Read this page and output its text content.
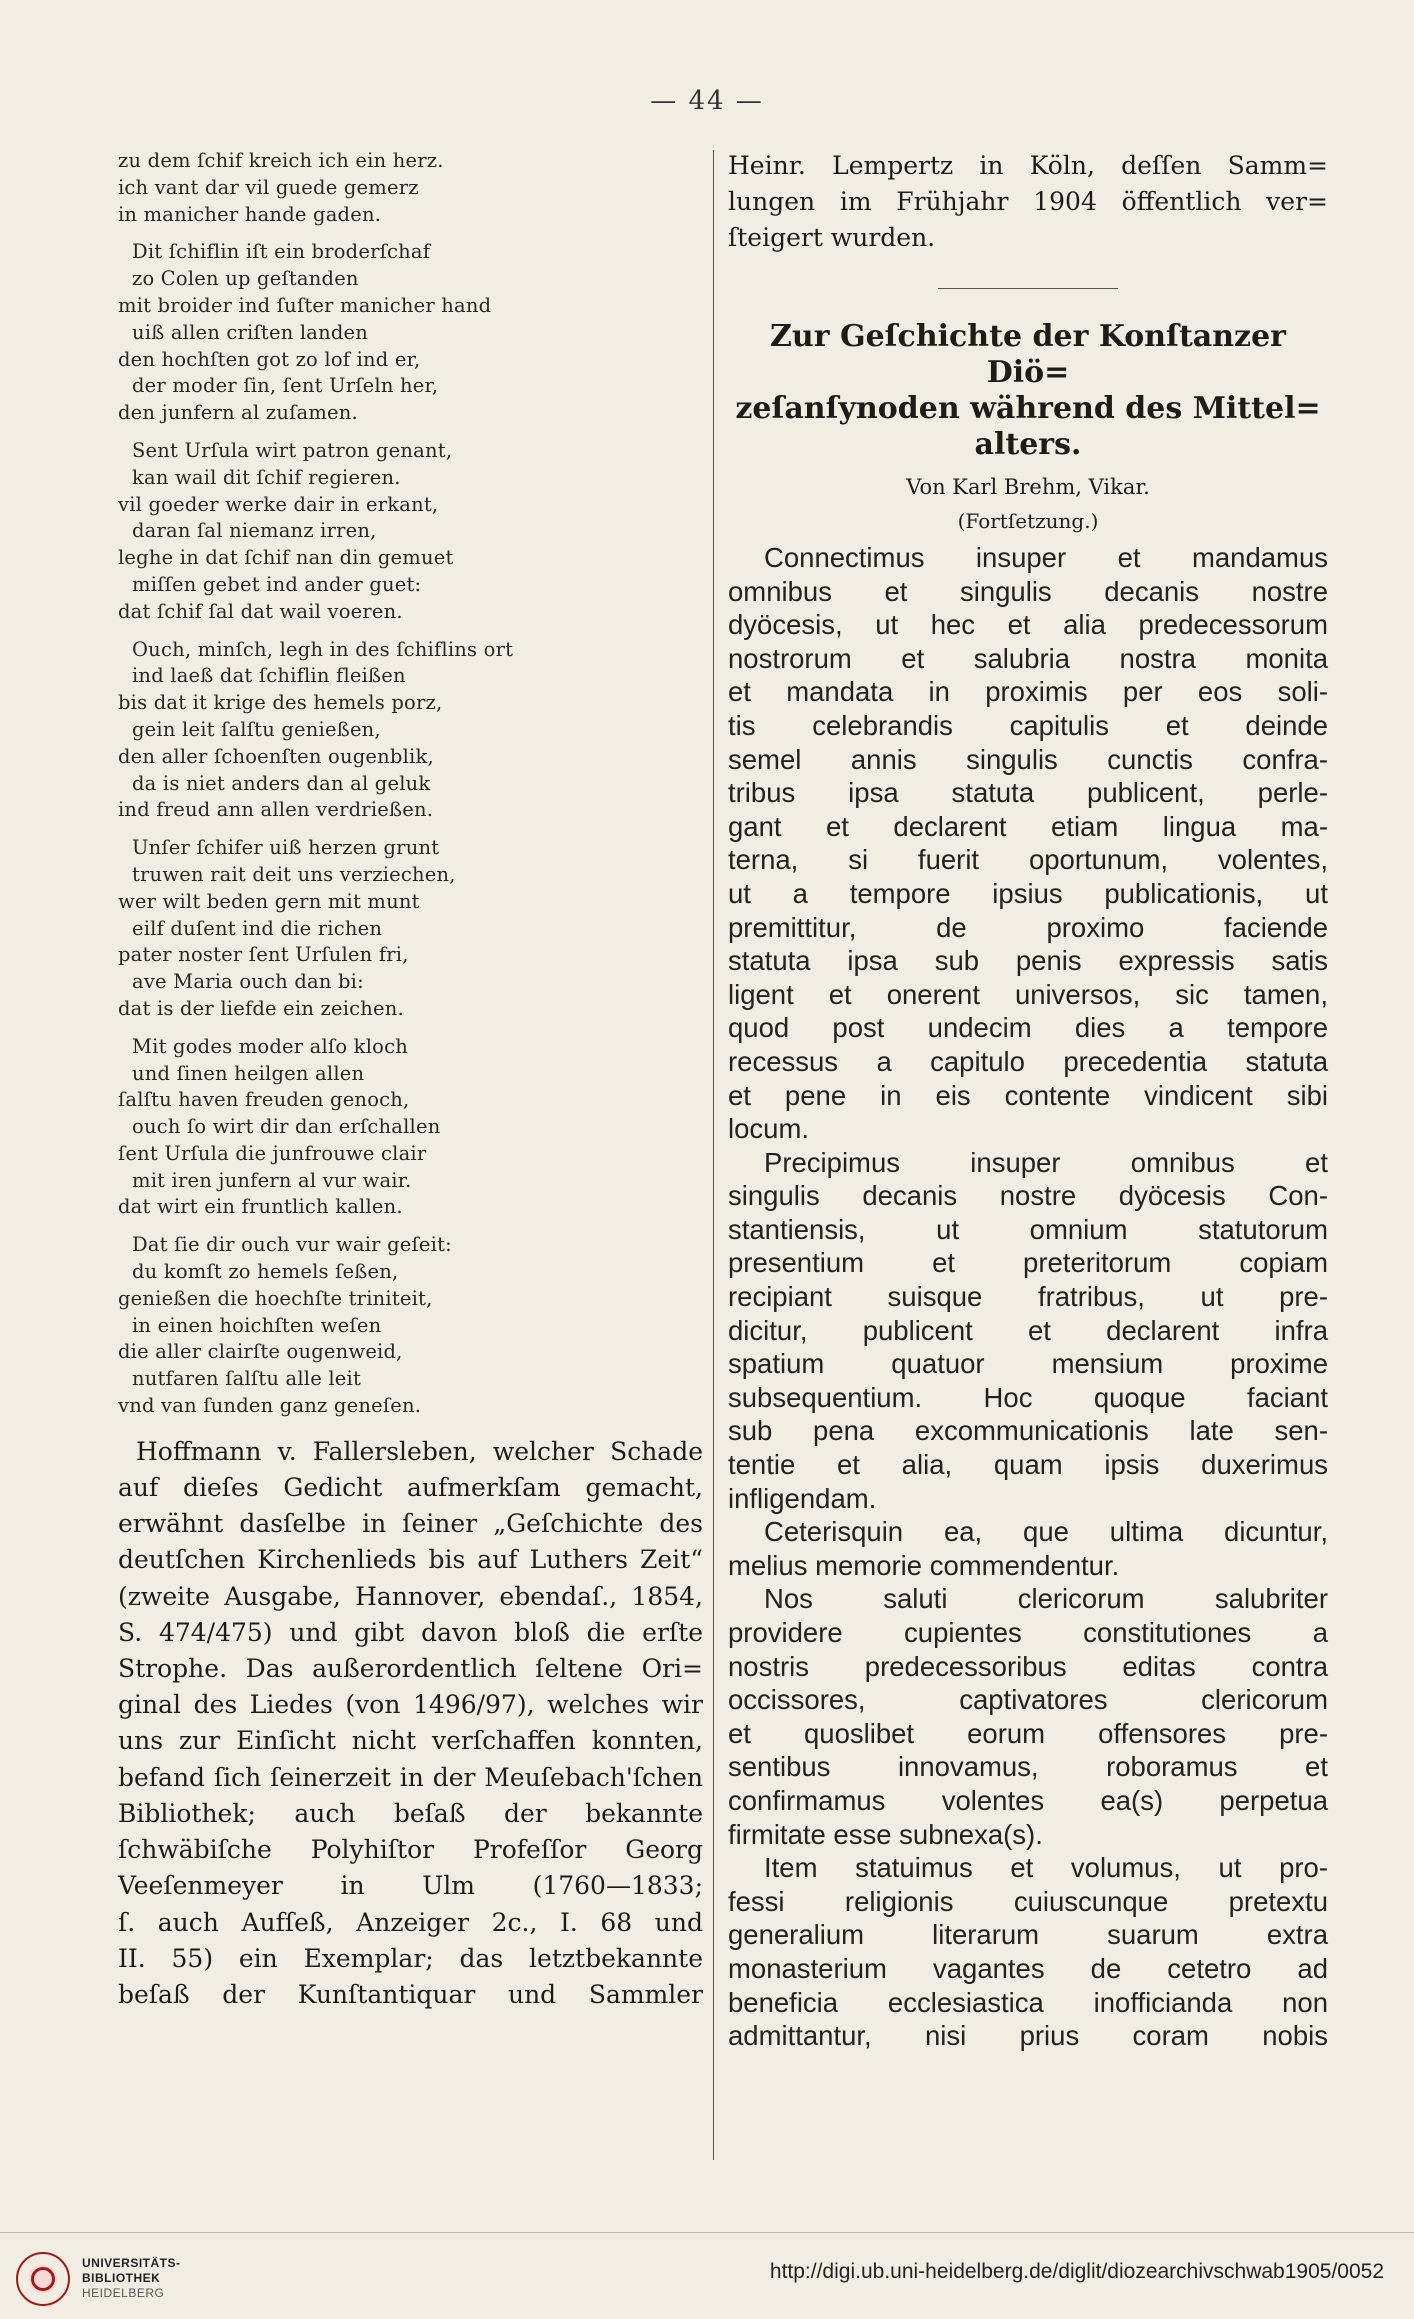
— 44 —
zu dem ſchif kreich ich ein herz.
ich vant dar vil guede gemerz
in manicher hande gaden.
Dit ſchiflin iſt ein broderſchaf
zo Colen up geſtanden
mit broider ind ſuſter manicher hand
uiß allen criſten landen
den hochſten got zo lof ind er,
der moder ſin, ſent Urſeln her,
den junfern al zuſamen.
Sent Urſula wirt patron genant,
kan wail dit ſchif regieren.
vil goeder werke dair in erkant,
daran ſal niemanz irren,
leghe in dat ſchif nan din gemuet
miſſen gebet ind ander guet:
dat ſchif ſal dat wail voeren.
Ouch, minſch, legh in des ſchiflins ort
ind laeß dat ſchiflin fleißen
bis dat it krige des hemels porz,
gein leit ſalſtu genießen,
den aller ſchoenſten ougenblik,
da is niet anders dan al geluk
ind freud ann allen verdrießen.
Unſer ſchifer uiß herzen grunt
truwen rait deit uns verziechen,
wer wilt beden gern mit munt
eilf duſent ind die richen
pater noster ſent Urſulen fri,
ave Maria ouch dan bi:
dat is der liefde ein zeichen.
Mit godes moder alſo kloch
und ſinen heilgen allen
ſalſtu haven freuden genoch,
ouch ſo wirt dir dan erſchallen
ſent Urſula die junfrouwe clair
mit iren junfern al vur wair.
dat wirt ein fruntlich kallen.
Dat ſie dir ouch vur wair geſeit:
du komſt zo hemels ſeßen,
genießen die hoechſte triniteit,
in einen hoichſten weſen
die aller clairſte ougenweid,
nutfaren ſalſtu alle leit
vnd van ſunden ganz geneſen.
Hoffmann v. Fallersleben, welcher Schade
auf dieſes Gedicht aufmerkſam gemacht,
erwähnt dasſelbe in ſeiner „Geſchichte des
deutſchen Kirchenlieds bis auf Luthers Zeit“
(zweite Ausgabe, Hannover, ebendaſ., 1854,
S. 474/475) und gibt davon bloß die erſte
Strophe. Das außerordentlich ſeltene Ori=
ginal des Liedes (von 1496/97), welches wir
uns zur Einſicht nicht verſchaffen konnten,
befand ſich ſeinerzeit in der Meuſebach'ſchen
Bibliothek; auch beſaß der bekannte
ſchwäbiſche Polyhiſtor Profeſſor Georg
Veeſenmeyer in Ulm (1760—1833;
ſ. auch Aufſeß, Anzeiger 2c., I. 68 und
II. 55) ein Exemplar; das letztbekannte
beſaß der Kunſtantiquar und Sammler
Heinr. Lempertz in Köln, deſſen Samm=
lungen im Frühjahr 1904 öffentlich ver=
ſteigert wurden.
Zur Geſchichte der Konſtanzer Diö=
zeſanſynoden während des Mittel=
alters.
Von Karl Brehm, Vikar.
(Fortſetzung.)
Connectimus insuper et mandamus
omnibus et singulis decanis nostre
dyöcesis, ut hec et alia predecessorum
nostrorum et salubria nostra monita
et mandata in proximis per eos soli-
tis celebrandis capitulis et deinde
semel annis singulis cunctis confra-
tribus ipsa statuta publicent, perle-
gant et declarent etiam lingua ma-
terna, si fuerit oportunum, volentes,
ut a tempore ipsius publicationis, ut
premittitur, de proximo faciende
statuta ipsa sub penis expressis satis
ligent et onerent universos, sic tamen,
quod post undecim dies a tempore
recessus a capitulo precedentia statuta
et pene in eis contente vindicent sibi
locum.
Precipimus insuper omnibus et
singulis decanis nostre dyöcesis Con-
stantiensis, ut omnium statutorum
presentium et preteritorum copiam
recipiant suisque fratribus, ut pre-
dicitur, publicent et declarent infra
spatium quatuor mensium proxime
subsequentium. Hoc quoque faciant
sub pena excommunicationis late sen-
tentie et alia, quam ipsis duxerimus
infligendam.
Ceterisquin ea, que ultima dicuntur,
melius memorie commendentur.
Nos saluti clericorum salubriter
providere cupientes constitutiones a
nostris predecessoribus editas contra
occissores, captivatores clericorum
et quoslibet eorum offensores pre-
sentibus innovamus, roboramus et
confirmamus volentes ea(s) perpetua
firmitate esse subnexa(s).
Item statuimus et volumus, ut pro-
fessi religionis cuiuscunque pretextu
generalium literarum suarum extra
monasterium vagantes de cetetro ad
beneficia ecclesiastica inofficianda non
admittantur, nisi prius coram nobis
UNIVERSITÄTS-
BIBLIOTHEK
HEIDELBERG
http://digi.ub.uni-heidelberg.de/diglit/diozearchivschwab1905/0052
